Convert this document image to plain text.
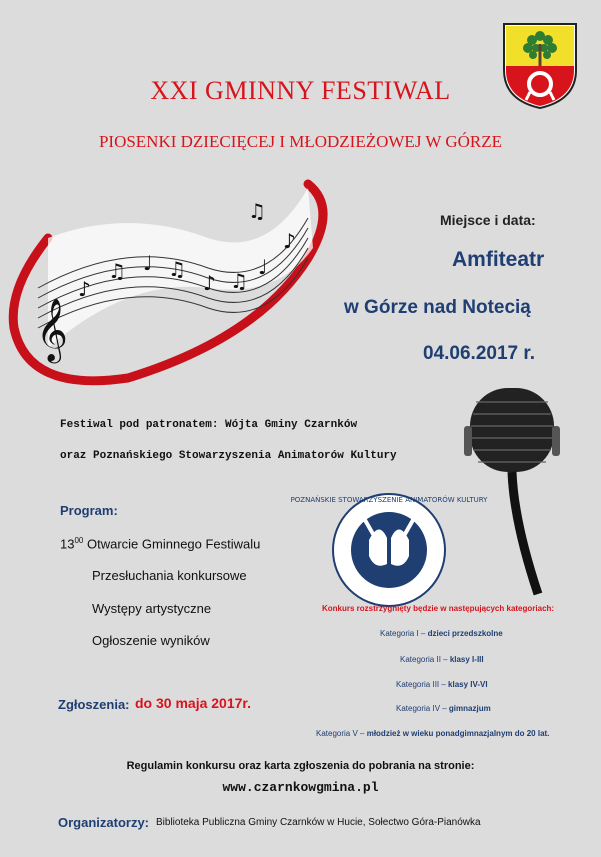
XXI GMINNY FESTIWAL
PIOSENKI DZIECIĘCEJ I MŁODZIEŻOWEJ W GÓRZE
𝄞
♪
♫ ♩ ♫
♪ ♫
♩
♪
♫	Miejsce i data:
Amfiteatr
w Górze nad Notecią
04.06.2017 r.
Festiwal pod patronatem: Wójta Gminy Czarnków
oraz Poznańskiego Stowarzyszenia Animatorów Kultury
POZNAŃSKIE STOWARZYSZENIE ANIMATORÓW KULTURY
Program:
$13^{00}$ Otwarcie Gminnego Festiwalu
Przesłuchania konkursowe
Występy artystyczne
Ogłoszenie wyników
Konkurs rozstrzygnięty będzie w następujących kategoriach:
Kategoria I – dzieci przedszkolne
Kategoria II – klasy I-III
Kategoria III – klasy IV-VI
Kategoria IV – gimnazjum
Kategoria V – młodzież w wieku ponadgimnazjalnym do 20 lat.
Zgłoszenia: do 30 maja 2017r.
Regulamin konkursu oraz karta zgłoszenia do pobrania na stronie:
www.czarnkowgmina.pl
Organizatorzy: Biblioteka Publiczna Gminy Czarnków w Hucie, Sołectwo Góra-Pianówka
